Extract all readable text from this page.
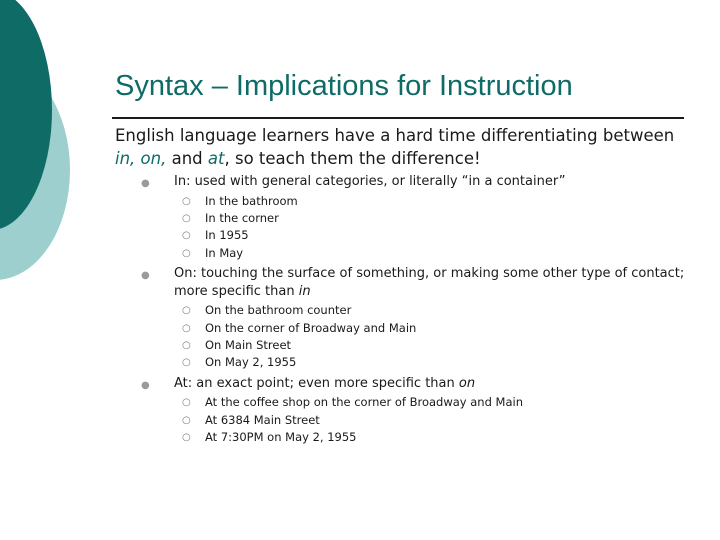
Syntax – Implications for Instruction

English language learners have a hard time differentiating between in, on, and at, so teach them the difference!

● In: used with general categories, or literally “in a container”
○ In the bathroom
○ In the corner
○ In 1955
○ In May
● On: touching the surface of something, or making some other type of contact; more specific than in
○ On the bathroom counter
○ On the corner of Broadway and Main
○ On Main Street
○ On May 2, 1955
● At: an exact point; even more specific than on
○ At the coffee shop on the corner of Broadway and Main
○ At 6384 Main Street
○ At 7:30PM on May 2, 1955
